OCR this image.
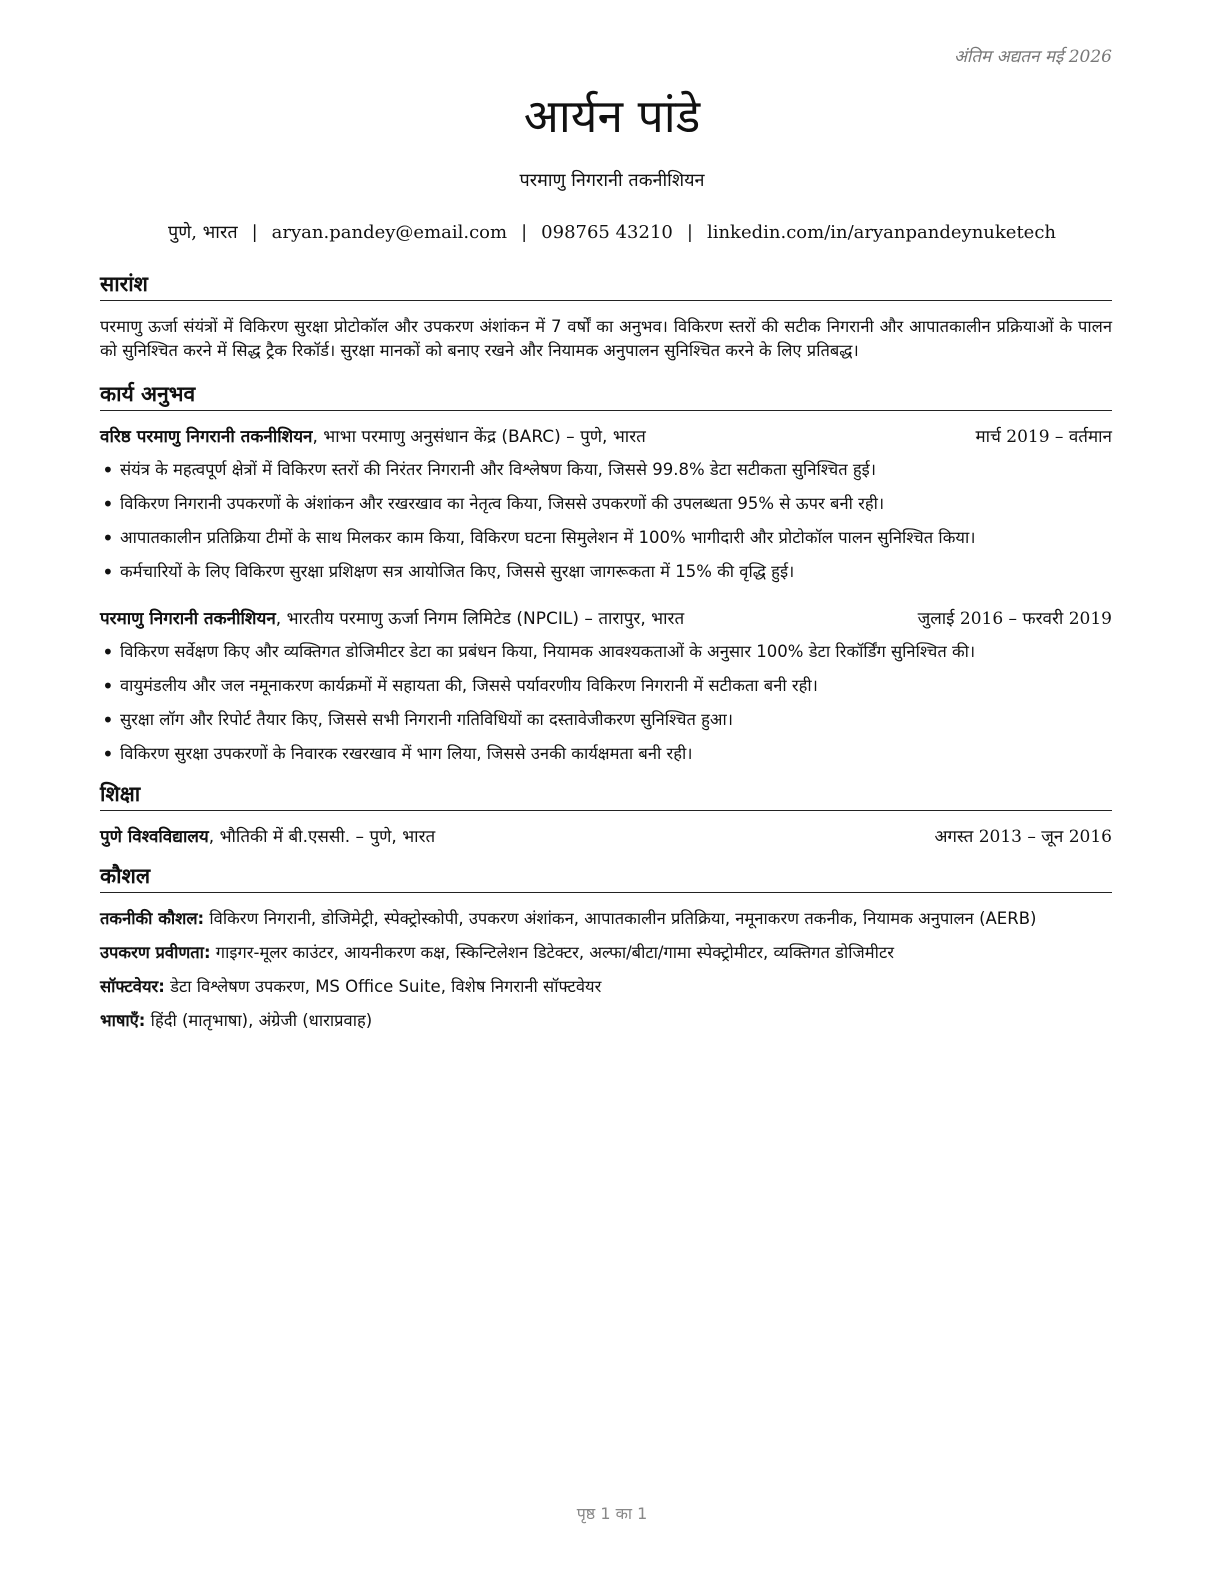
अंतिम अद्यतन मई 2026
आर्यन पांडे
परमाणु निगरानी तकनीशियन
पुणे, भारत | aryan.pandey@email.com | 098765 43210 | linkedin.com/in/aryanpandeynuketech
सारांश
परमाणु ऊर्जा संयंत्रों में विकिरण सुरक्षा प्रोटोकॉल और उपकरण अंशांकन में 7 वर्षों का अनुभव। विकिरण स्तरों की सटीक निगरानी और आपातकालीन प्रक्रियाओं के पालन को सुनिश्चित करने में सिद्ध ट्रैक रिकॉर्ड। सुरक्षा मानकों को बनाए रखने और नियामक अनुपालन सुनिश्चित करने के लिए प्रतिबद्ध।
कार्य अनुभव
वरिष्ठ परमाणु निगरानी तकनीशियन, भाभा परमाणु अनुसंधान केंद्र (BARC) – पुणे, भारत	मार्च 2019 – वर्तमान
• संयंत्र के महत्वपूर्ण क्षेत्रों में विकिरण स्तरों की निरंतर निगरानी और विश्लेषण किया, जिससे 99.8% डेटा सटीकता सुनिश्चित हुई।
• विकिरण निगरानी उपकरणों के अंशांकन और रखरखाव का नेतृत्व किया, जिससे उपकरणों की उपलब्धता 95% से ऊपर बनी रही।
• आपातकालीन प्रतिक्रिया टीमों के साथ मिलकर काम किया, विकिरण घटना सिमुलेशन में 100% भागीदारी और प्रोटोकॉल पालन सुनिश्चित किया।
• कर्मचारियों के लिए विकिरण सुरक्षा प्रशिक्षण सत्र आयोजित किए, जिससे सुरक्षा जागरूकता में 15% की वृद्धि हुई।
परमाणु निगरानी तकनीशियन, भारतीय परमाणु ऊर्जा निगम लिमिटेड (NPCIL) – तारापुर, भारत	जुलाई 2016 – फरवरी 2019
• विकिरण सर्वेक्षण किए और व्यक्तिगत डोजिमीटर डेटा का प्रबंधन किया, नियामक आवश्यकताओं के अनुसार 100% डेटा रिकॉर्डिंग सुनिश्चित की।
• वायुमंडलीय और जल नमूनाकरण कार्यक्रमों में सहायता की, जिससे पर्यावरणीय विकिरण निगरानी में सटीकता बनी रही।
• सुरक्षा लॉग और रिपोर्ट तैयार किए, जिससे सभी निगरानी गतिविधियों का दस्तावेजीकरण सुनिश्चित हुआ।
• विकिरण सुरक्षा उपकरणों के निवारक रखरखाव में भाग लिया, जिससे उनकी कार्यक्षमता बनी रही।
शिक्षा
पुणे विश्वविद्यालय, भौतिकी में बी.एससी. – पुणे, भारत	अगस्त 2013 – जून 2016
कौशल
तकनीकी कौशल: विकिरण निगरानी, डोजिमेट्री, स्पेक्ट्रोस्कोपी, उपकरण अंशांकन, आपातकालीन प्रतिक्रिया, नमूनाकरण तकनीक, नियामक अनुपालन (AERB)
उपकरण प्रवीणता: गाइगर-मूलर काउंटर, आयनीकरण कक्ष, स्किन्टिलेशन डिटेक्टर, अल्फा/बीटा/गामा स्पेक्ट्रोमीटर, व्यक्तिगत डोजिमीटर
सॉफ्टवेयर: डेटा विश्लेषण उपकरण, MS Office Suite, विशेष निगरानी सॉफ्टवेयर
भाषाएँ: हिंदी (मातृभाषा), अंग्रेजी (धाराप्रवाह)
पृष्ठ 1 का 1
